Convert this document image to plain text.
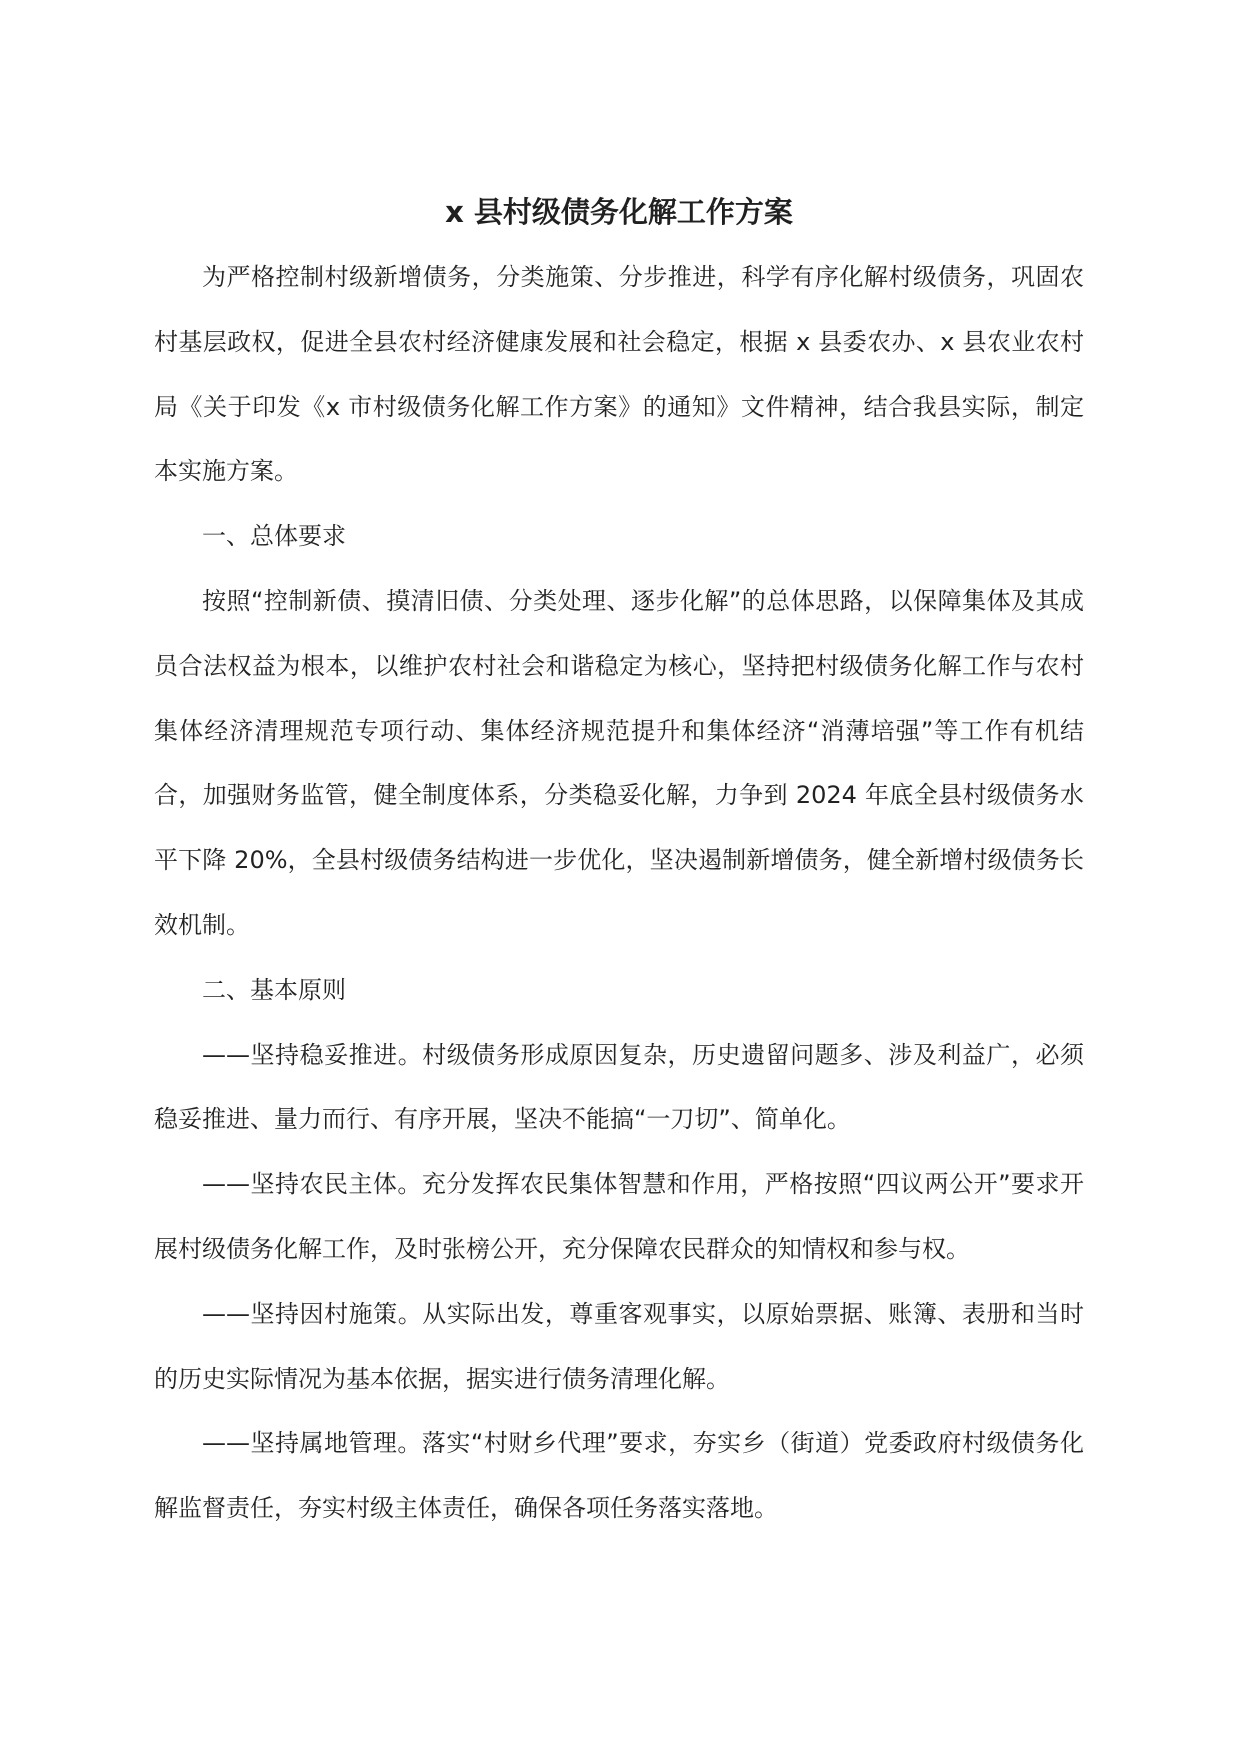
x 县村级债务化解工作方案

为严格控制村级新增债务，分类施策、分步推进，科学有序化解村级债务，巩固农村基层政权，促进全县农村经济健康发展和社会稳定，根据 x 县委农办、x 县农业农村局《关于印发《x 市村级债务化解工作方案》的通知》文件精神，结合我县实际，制定本实施方案。

一、总体要求

按照“控制新债、摸清旧债、分类处理、逐步化解”的总体思路，以保障集体及其成员合法权益为根本，以维护农村社会和谐稳定为核心，坚持把村级债务化解工作与农村集体经济清理规范专项行动、集体经济规范提升和集体经济“消薄培强”等工作有机结合，加强财务监管，健全制度体系，分类稳妥化解，力争到 2024 年底全县村级债务水平下降 20%，全县村级债务结构进一步优化，坚决遏制新增债务，健全新增村级债务长效机制。

二、基本原则

——坚持稳妥推进。村级债务形成原因复杂，历史遗留问题多、涉及利益广，必须稳妥推进、量力而行、有序开展，坚决不能搞“一刀切”、简单化。

——坚持农民主体。充分发挥农民集体智慧和作用，严格按照“四议两公开”要求开展村级债务化解工作，及时张榜公开，充分保障农民群众的知情权和参与权。

——坚持因村施策。从实际出发，尊重客观事实，以原始票据、账簿、表册和当时的历史实际情况为基本依据，据实进行债务清理化解。

——坚持属地管理。落实“村财乡代理”要求，夯实乡（街道）党委政府村级债务化解监督责任，夯实村级主体责任，确保各项任务落实落地。
